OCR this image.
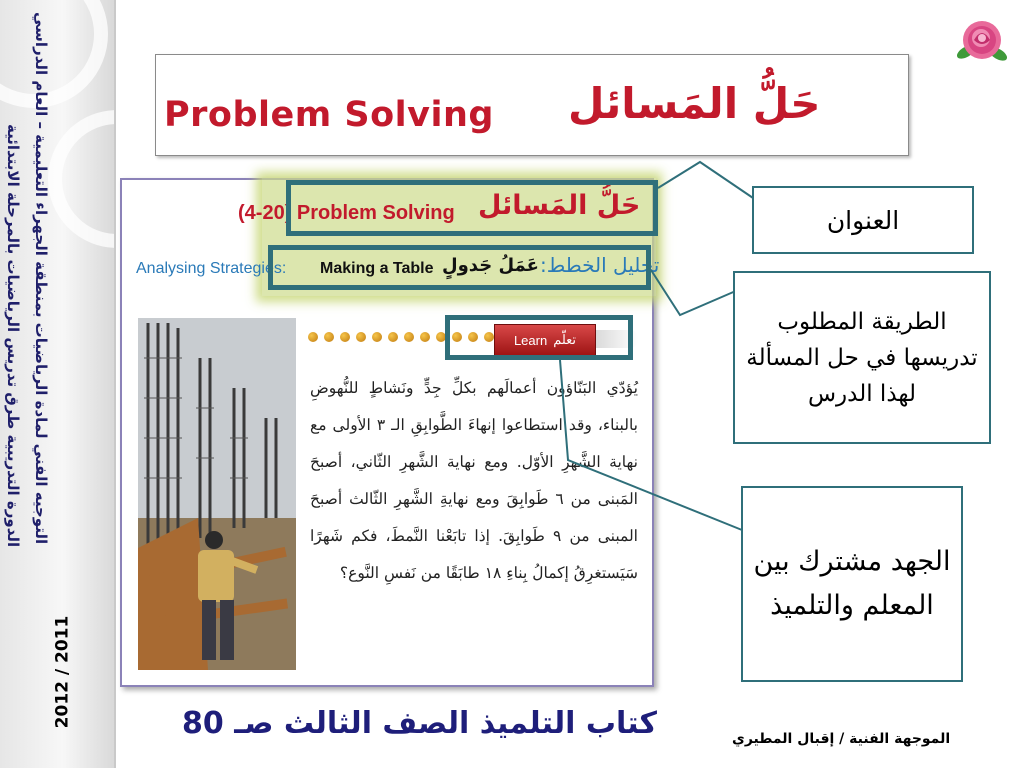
التوجيه الفني لمادة الرياضيات بمنطقة الجهراء التعليمية – العام الدراسي
الدورة التدريبية طرق تدريس الرياضيات بالمرحلة الابتدائية
2012 / 2011
Problem Solving حَلُّ المَسائل
(4-20) Problem Solving حَلُّ المَسائل
Analysing Strategies: Making a Table عَمَلُ جَدولٍ تحليل الخطط:
Learn تعلّم
يُؤدّي البَنّاؤون أعمالَهم بكلِّ جِدٍّ ونَشاطٍ للنُّهوضِ بالبناء، وقد استطاعوا إنهاءَ الطَّوابِقِ الـ ٣ الأولى مع نهاية الشَّهرِ الأوّل. ومع نهاية الشَّهرِ الثّاني، أصبحَ المَبنى من ٦ طَوابِقَ ومع نهايةِ الشَّهرِ الثّالث أصبحَ المبنى من ٩ طَوابِقَ. إذا تابَعْنا النَّمطَ، فكم شَهرًا سَيَستغرِقُ إكمالُ بِناءِ ١٨ طابَقًا من نَفسِ النَّوع؟
العنوان
الطريقة المطلوب تدريسها في حل المسألة لهذا الدرس
الجهد مشترك بين المعلم والتلميذ
80 كتاب التلميذ الصف الثالث صـ	الموجهة الفنية / إقبال المطيري
